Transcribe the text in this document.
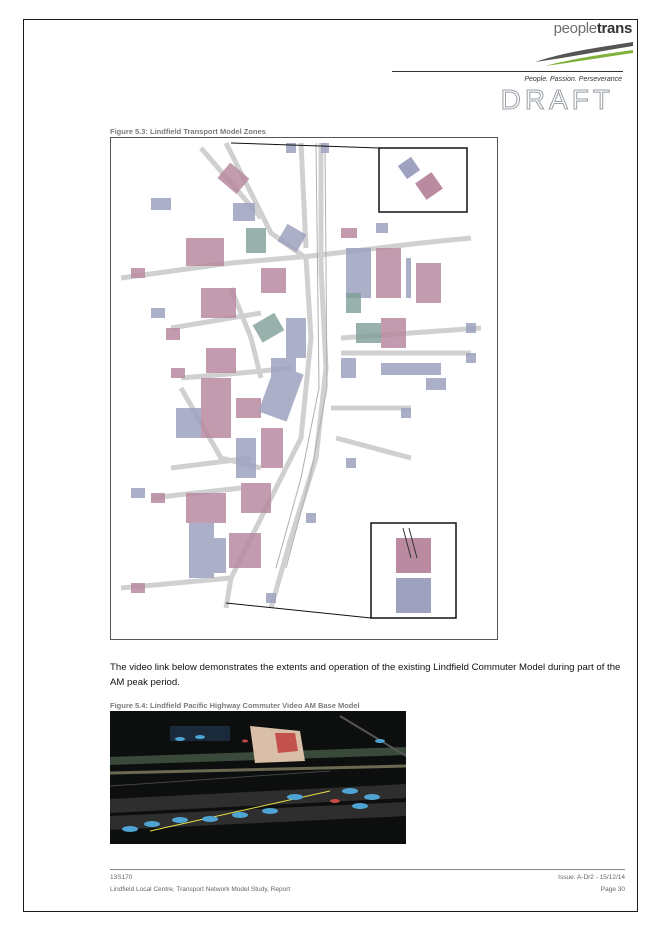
peopletrans
People. Passion. Perseverance
DRAFT
Figure 5.3: Lindfield Transport Model Zones
The video link below demonstrates the extents and operation of the existing Lindfield Commuter Model during part of the AM peak period.
Figure 5.4: Lindfield Pacific Highway Commuter Video AM Base Model
13S170
Lindfield Local Centre, Transport Network Model Study, Report
Issue: A-Dr2 - 15/12/14
Page 30
